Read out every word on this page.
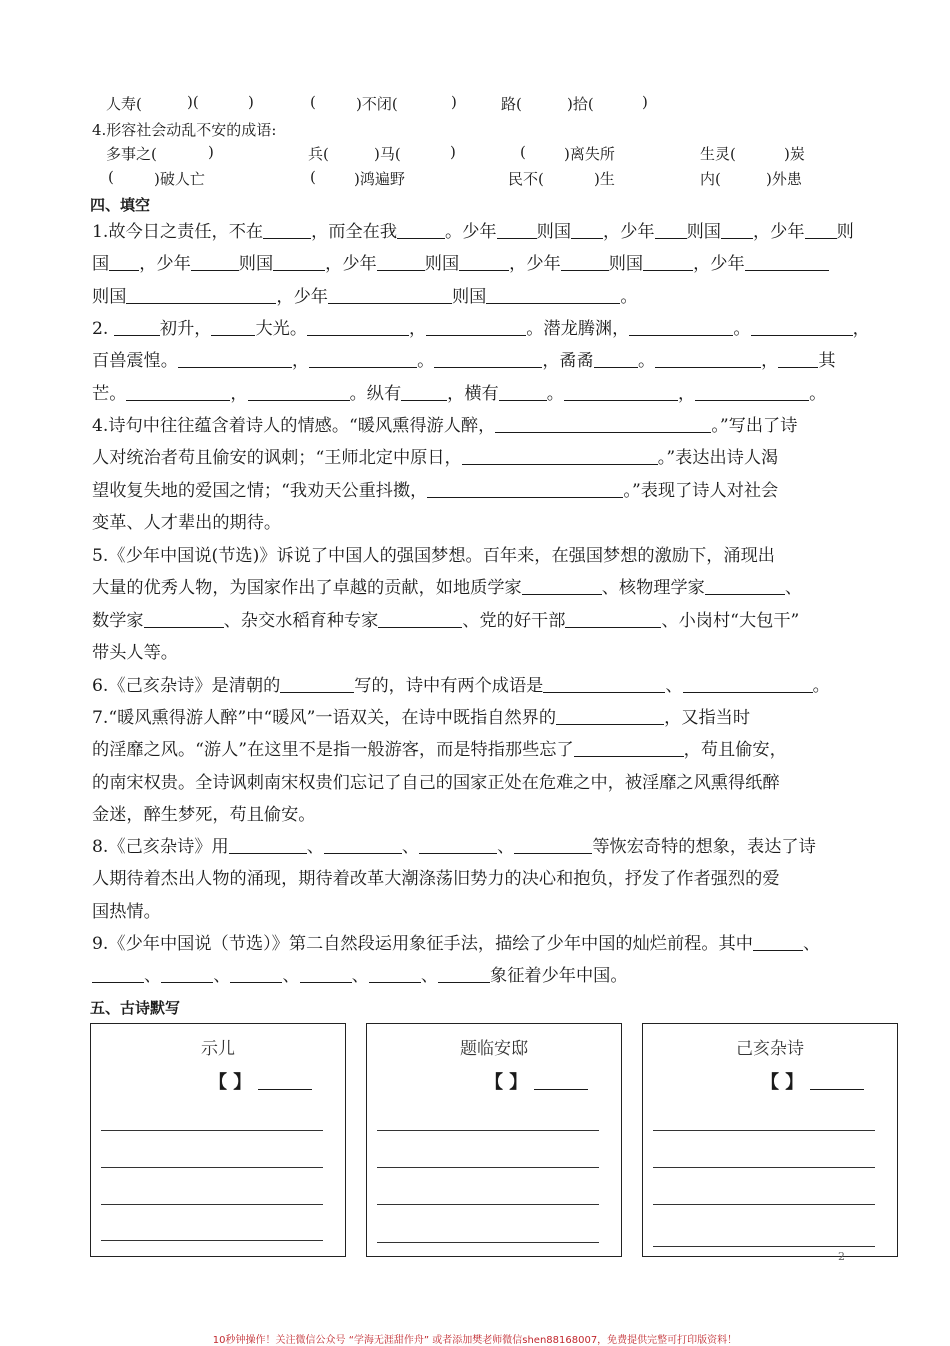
人寿(	)(	)	(	)不闭(	)	路(	)拾(	)
4.形容社会动乱不安的成语:
多事之(	)	兵(	)马(	)	(	)离失所	生灵(	)炭
(	)破人亡	(	)鸿遍野	民不(	)生	内(	)外患
四、填空
1.故今日之责任，不在	，而全在我	。少年 则国 ，少年 则国 ，少年 则
国 ，少年	则国	，少年	则国	，少年	则国	，少年
则国	，少年	则国	。
2.	初升，	大光。	，	。潜龙腾渊，	。	，
百兽震惶。	，	。	，矞矞	。	， 其
芒。	，	。纵有	，横有	。	，	。
4.诗句中往往蕴含着诗人的情感。“暖风熏得游人醉，	。”写出了诗
人对统治者苟且偷安的讽刺；“王师北定中原日，	。”表达出诗人渴
望收复失地的爱国之情；“我劝天公重抖擞，	。”表现了诗人对社会
变革、人才辈出的期待。
5.《少年中国说(节选)》诉说了中国人的强国梦想。百年来，在强国梦想的激励下，涌现出
大量的优秀人物，为国家作出了卓越的贡献，如地质学家	、核物理学家	、
数学家	、杂交水稻育种专家	、党的好干部	、小岗村“大包干”
带头人等。
6.《己亥杂诗》是清朝的	写的，诗中有两个成语是	、	。
7.“暖风熏得游人醉”中“暖风”一语双关，在诗中既指自然界的	，又指当时
的淫靡之风。“游人”在这里不是指一般游客，而是特指那些忘了	，苟且偷安，
的南宋权贵。全诗讽刺南宋权贵们忘记了自己的国家正处在危难之中，被淫靡之风熏得纸醉
金迷，醉生梦死，苟且偷安。
8.《己亥杂诗》用	、	、	、	等恢宏奇特的想象，表达了诗
人期待着杰出人物的涌现，期待着改革大潮涤荡旧势力的决心和抱负，抒发了作者强烈的爱
国热情。
9.《少年中国说（节选）》第二自然段运用象征手法，描绘了少年中国的灿烂前程。其中	、
、	、	、	、	、	象征着少年中国。
五、古诗默写
示儿
【 】
题临安邸
【 】
己亥杂诗
【 】
2
10秒钟操作！关注微信公众号 “学海无涯甜作舟” 或者添加樊老师微信shen88168007，免费提供完整可打印版资料！
